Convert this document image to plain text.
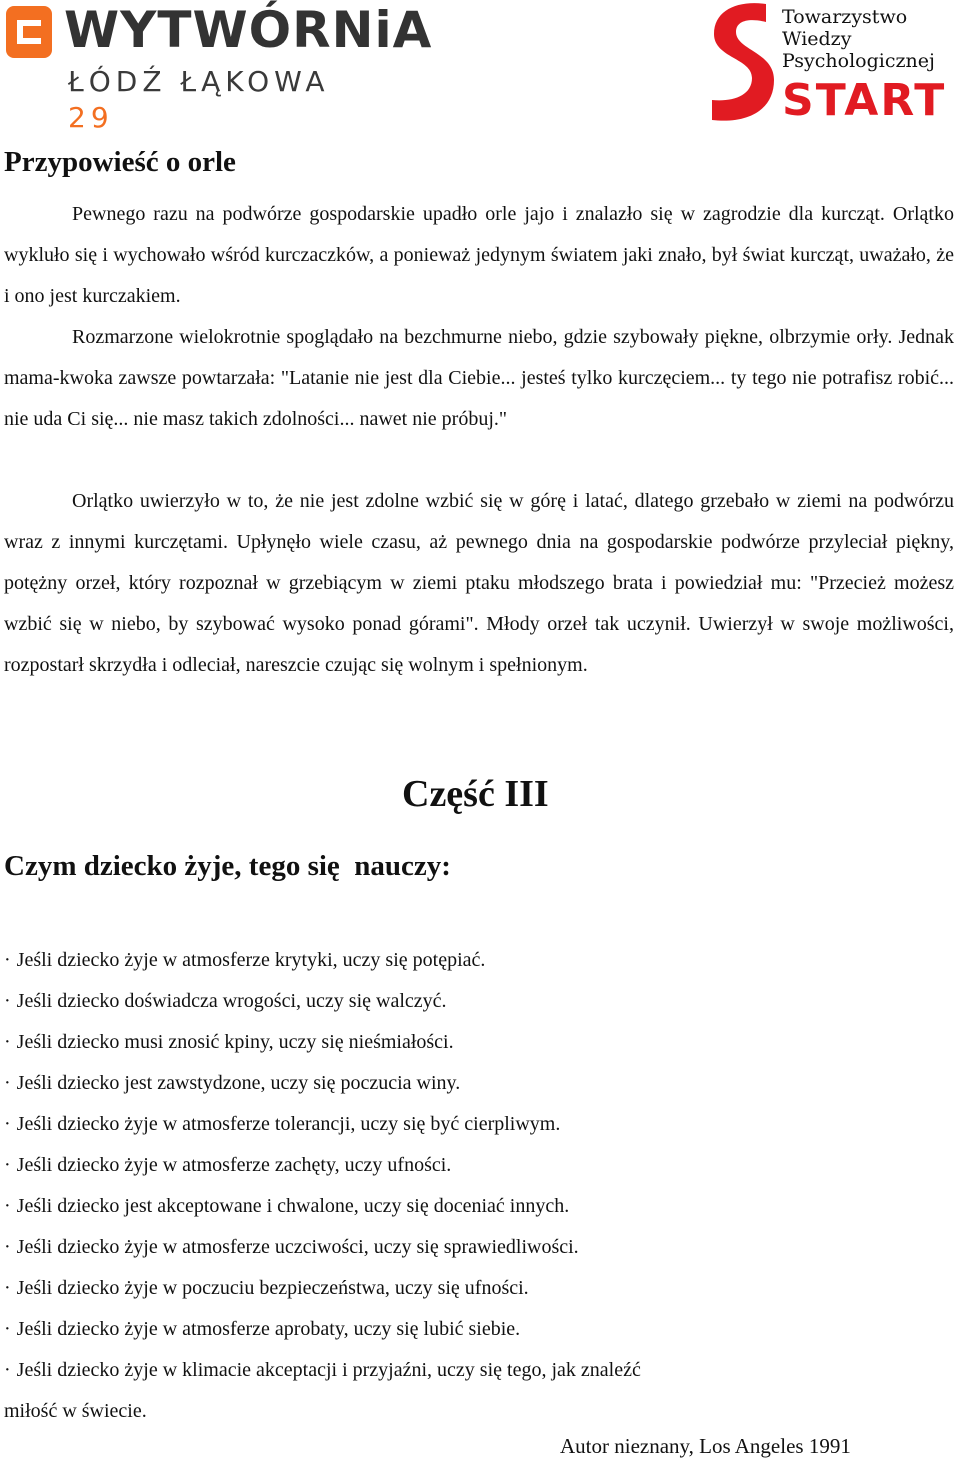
WYTWÓRNiA
ŁÓDŹ ŁĄKOWA 29
Towarzystwo
Wiedzy
Psychologicznej
START
Przypowieść o orle

Pewnego razu na podwórze gospodarskie upadło orle jajo i znalazło się w zagrodzie dla kurcząt. Orlątko wykluło się i wychowało wśród kurczaczków, a ponieważ jedynym światem jaki znało, był świat kurcząt, uważało, że i ono jest kurczakiem.

Rozmarzone wielokrotnie spoglądało na bezchmurne niebo, gdzie szybowały piękne, olbrzymie orły. Jednak mama-kwoka zawsze powtarzała: "Latanie nie jest dla Ciebie... jesteś tylko kurczęciem... ty tego nie potrafisz robić... nie uda Ci się... nie masz takich zdolności... nawet nie próbuj."

Orlątko uwierzyło w to, że nie jest zdolne wzbić się w górę i latać, dlatego grzebało w ziemi na podwórzu wraz z innymi kurczętami. Upłynęło wiele czasu, aż pewnego dnia na gospodarskie podwórze przyleciał piękny, potężny orzeł, który rozpoznał w grzebiącym w ziemi ptaku młodszego brata i powiedział mu: "Przecież możesz wzbić się w niebo, by szybować wysoko ponad górami". Młody orzeł tak uczynił. Uwierzył w swoje możliwości, rozpostarł skrzydła i odleciał, nareszcie czując się wolnym i spełnionym.

Część III
Czym dziecko żyje, tego się  nauczy:
· Jeśli dziecko żyje w atmosferze krytyki, uczy się potępiać.
· Jeśli dziecko doświadcza wrogości, uczy się walczyć.
· Jeśli dziecko musi znosić kpiny, uczy się nieśmiałości.
· Jeśli dziecko jest zawstydzone, uczy się poczucia winy.
· Jeśli dziecko żyje w atmosferze tolerancji, uczy się być cierpliwym.
· Jeśli dziecko żyje w atmosferze zachęty, uczy ufności.
· Jeśli dziecko jest akceptowane i chwalone, uczy się doceniać innych.
· Jeśli dziecko żyje w atmosferze uczciwości, uczy się sprawiedliwości.
· Jeśli dziecko żyje w poczuciu bezpieczeństwa, uczy się ufności.
· Jeśli dziecko żyje w atmosferze aprobaty, uczy się lubić siebie.
· Jeśli dziecko żyje w klimacie akceptacji i przyjaźni, uczy się tego, jak znaleźć miłość w świecie.
Autor nieznany, Los Angeles 1991
